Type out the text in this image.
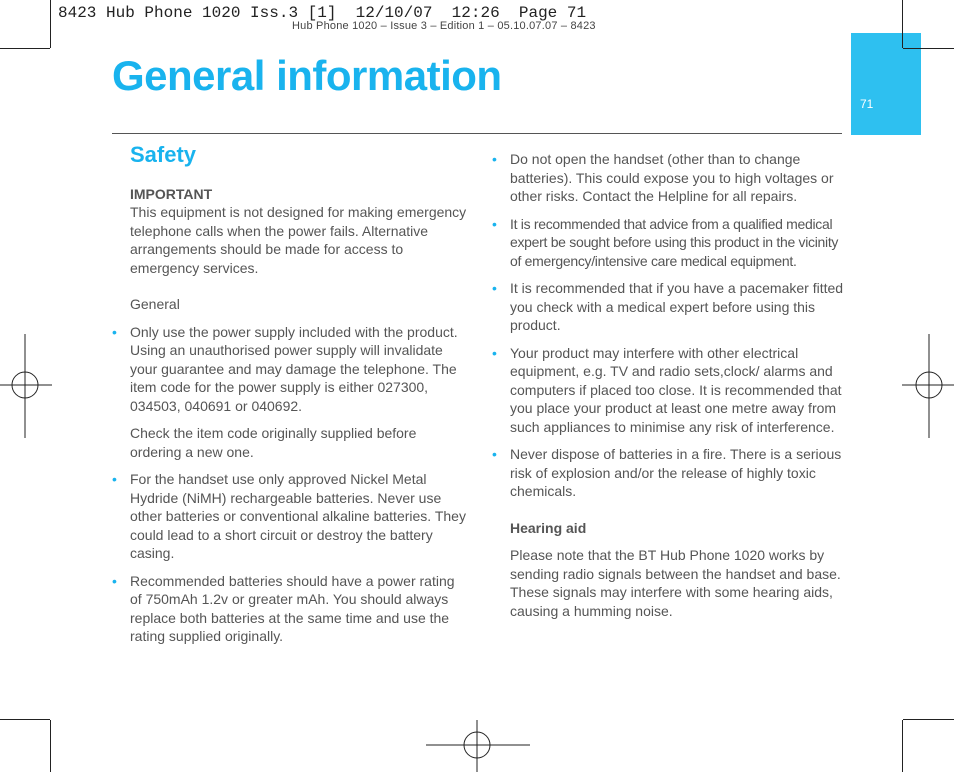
8423 Hub Phone 1020 Iss.3 [1]  12/10/07  12:26  Page 71
Hub Phone 1020 – Issue 3 – Edition 1 – 05.10.07.07 – 8423
71
General information
Safety
IMPORTANT
This equipment is not designed for making emergency telephone calls when the power fails. Alternative arrangements should be made for access to emergency services.
General
• Only use the power supply included with the product. Using an unauthorised power supply will invalidate your guarantee and may damage the telephone. The item code for the power supply is either 027300, 034503, 040691 or 040692.

Check the item code originally supplied before ordering a new one.

• For the handset use only approved Nickel Metal Hydride (NiMH) rechargeable batteries. Never use other batteries or conventional alkaline batteries. They could lead to a short circuit or destroy the battery casing.

• Recommended batteries should have a power rating of 750mAh 1.2v or greater mAh. You should always replace both batteries at the same time and use the rating supplied originally.

• Do not open the handset (other than to change batteries). This could expose you to high voltages or other risks. Contact the Helpline for all repairs.

• It is recommended that advice from a qualified medical expert be sought before using this product in the vicinity of emergency/intensive care medical equipment.

• It is recommended that if you have a pacemaker fitted you check with a medical expert before using this product.

• Your product may interfere with other electrical equipment, e.g. TV and radio sets,clock/ alarms and computers if placed too close. It is recommended that you place your product at least one metre away from such appliances to minimise any risk of interference.

• Never dispose of batteries in a fire. There is a serious risk of explosion and/or the release of highly toxic chemicals.

Hearing aid
Please note that the BT Hub Phone 1020 works by sending radio signals between the handset and base. These signals may interfere with some hearing aids, causing a humming noise.
